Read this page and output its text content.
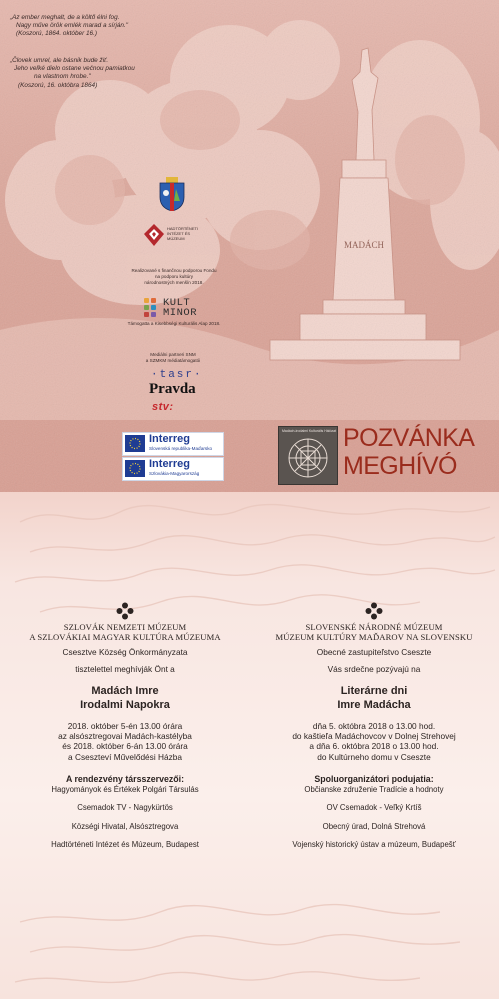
„Az ember meghalt, de a költő élni fog.
Nagy műve örök emlék marad a sírján."
(Koszorú, 1864. október 16.)
„Človek umrel, ale básnik bude žiť.
Jeho veľké dielo ostane večnou pamiatkou
na vlastnom hrobe."
(Koszorú, 16. októbra 1864)
HADTÖRTÉNETI
INTÉZET ÉS
MÚZEUM
Realizované s finančnou podporou Fondu
na podporu kultúry
národnostných menšín 2018.
KULT
MINOR
Támogatta a Kisebbségi Kulturális Alap 2018.
Mediálni partneri SNM
a SZMKM médiatámogatói
·tasr·
Pravda
stv:
Interreg
Slovenská republika-Maďarsko
Interreg
Szlovákia-Magyarország
Madách-irodalmi Kulturális Hálózat POZVÁNKA
MEGHÍVÓ
SZLOVÁK NEMZETI MÚZEUM
A SZLOVÁKIAI MAGYAR KULTÚRA MÚZEUMA
Csesztve Község Önkormányzata
tisztelettel meghívják Önt a
Madách Imre
Irodalmi Napokra
2018. október 5-én 13.00 órára
az alsósztregovai Madách-kastélyba
és 2018. október 6-án 13.00 órára
a Cseszteví Művelődési Házba
A rendezvény társszervezői:
Hagyományok és Értékek Polgári Társulás
Csemadok TV - Nagykürtös
Községi Hivatal, Alsósztregova
Hadtörténeti Intézet és Múzeum, Budapest
SLOVENSKÉ NÁRODNÉ MÚZEUM
MÚZEUM KULTÚRY MAĎAROV NA SLOVENSKU
Obecné zastupiteľstvo Cseszte
Vás srdečne pozývajú na
Literárne dni
Imre Madácha
dňa 5. októbra 2018 o 13.00 hod.
do kaštieľa Madáchovcov v Dolnej Strehovej
a dňa 6. októbra 2018 o 13.00 hod.
do Kultúrneho domu v Cseszte
Spoluorganizátori podujatia:
Občianske združenie Tradície a hodnoty
OV Csemadok - Veľký Krtíš
Obecný úrad, Dolná Strehová
Vojenský historický ústav a múzeum, Budapešť
